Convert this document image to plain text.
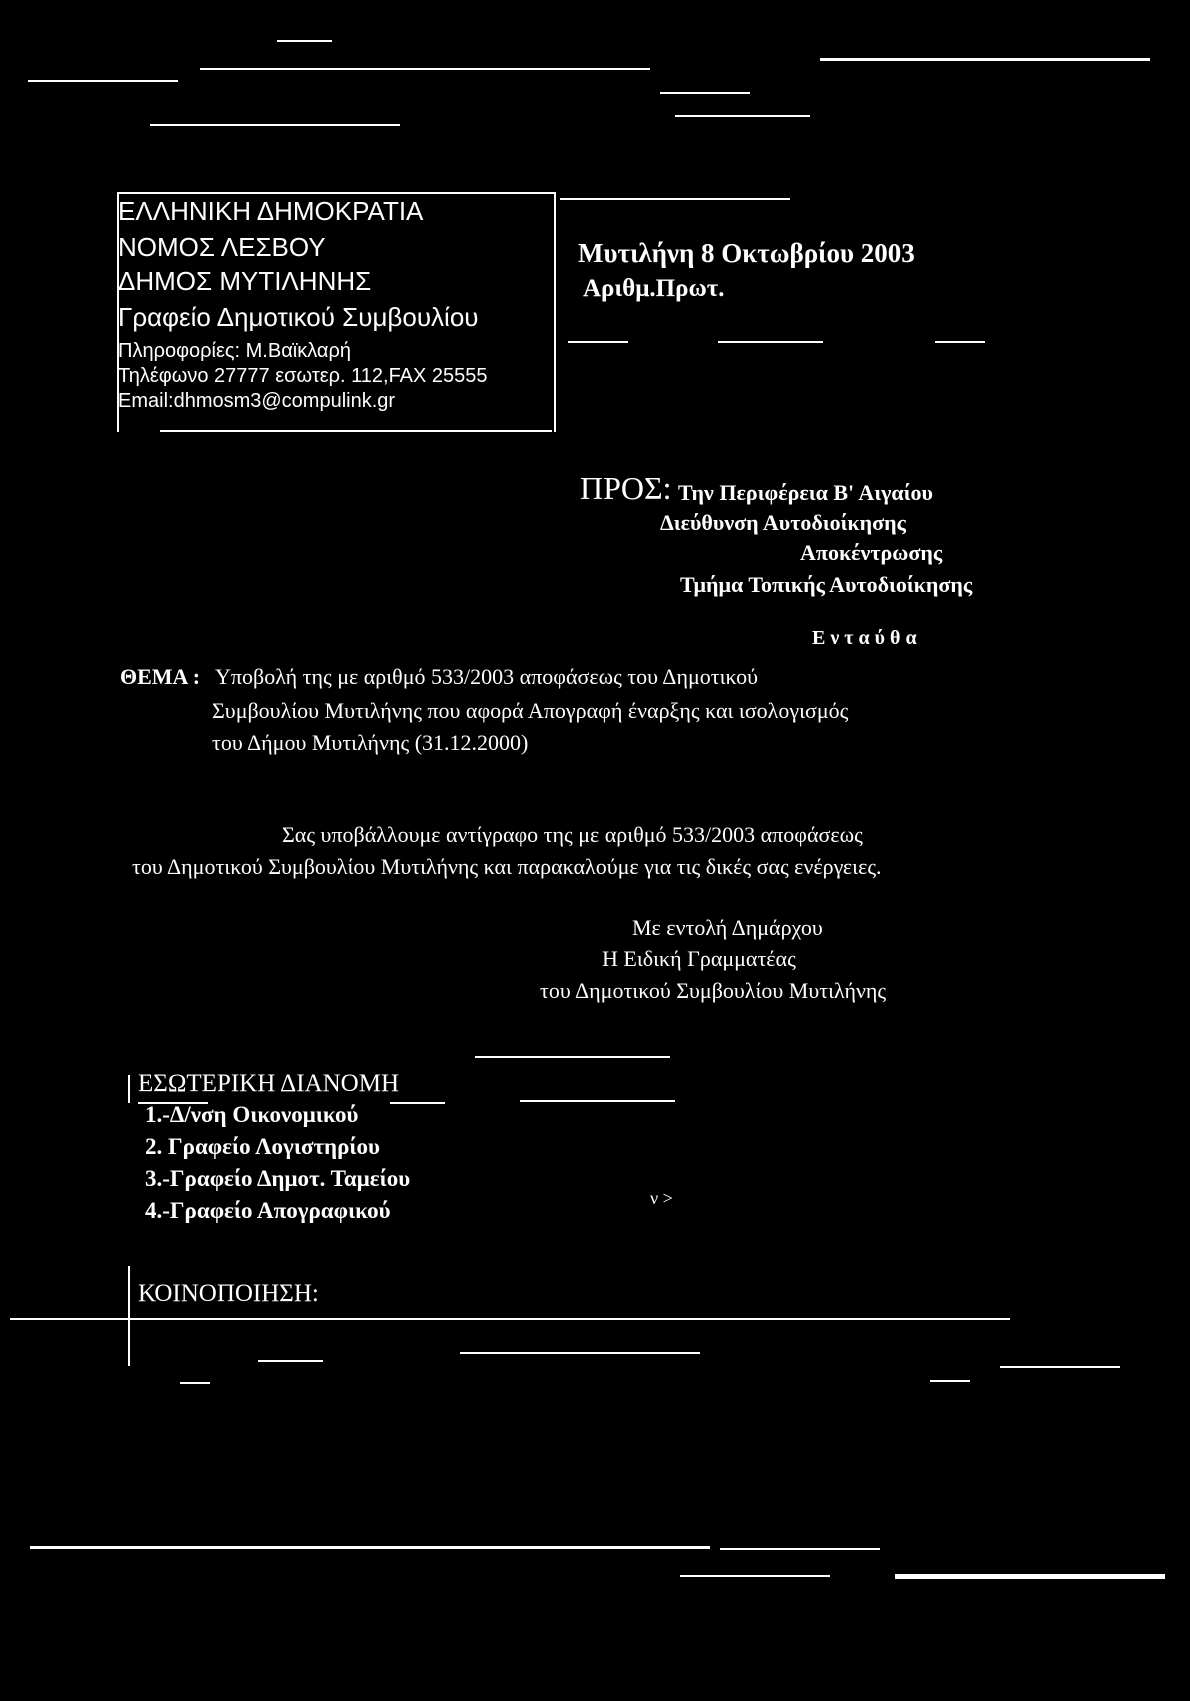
ΕΛΛΗΝΙΚΗ ΔΗΜΟΚΡΑΤΙΑ
ΝΟΜΟΣ ΛΕΣΒΟΥ
ΔΗΜΟΣ ΜΥΤΙΛΗΝΗΣ
Γραφείο Δημοτικού Συμβουλίου
Πληροφορίες: Μ.Βαϊκλαρή
Τηλέφωνο 27777 εσωτερ. 112,FAX 25555
Email:dhmosm3@compulink.gr
Μυτιλήνη 8 Οκτωβρίου 2003
Αριθμ.Πρωτ.
ΠΡΟΣ: Την Περιφέρεια Β' Αιγαίου
Διεύθυνση Αυτοδιοίκησης
Αποκέντρωσης
Τμήμα Τοπικής Αυτοδιοίκησης
Ε ν τ α ύ θ α
ΘΕΜΑ : Υποβολή της με αριθμό 533/2003 αποφάσεως του Δημοτικού
Συμβουλίου Μυτιλήνης που αφορά Απογραφή έναρξης και ισολογισμός
του Δήμου Μυτιλήνης (31.12.2000)
Σας υποβάλλουμε αντίγραφο της με αριθμό 533/2003 αποφάσεως
του Δημοτικού Συμβουλίου Μυτιλήνης και παρακαλούμε για τις δικές σας ενέργειες.
Με εντολή Δημάρχου
Η Ειδική Γραμματέας
του Δημοτικού Συμβουλίου Μυτιλήνης
ΕΣΩΤΕΡΙΚΗ ΔΙΑΝΟΜΗ
1.-Δ/νση Οικονομικού
2. Γραφείο Λογιστηρίου
3.-Γραφείο Δημοτ. Ταμείου
4.-Γραφείο Απογραφικού	ν >
ΚΟΙΝΟΠΟΙΗΣΗ:
